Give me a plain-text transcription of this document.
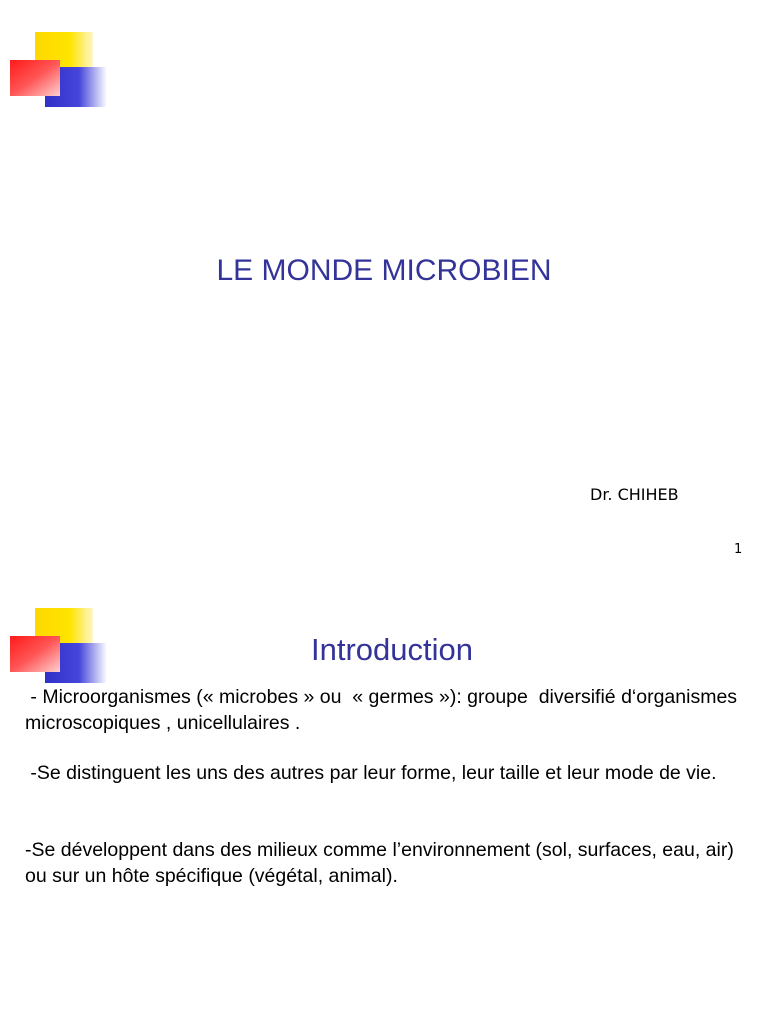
LE MONDE MICROBIEN
Dr. CHIHEB
1
Introduction
- Microorganismes (« microbes » ou  « germes »): groupe  diversifié d‘organismes microscopiques , unicellulaires .
-Se distinguent les uns des autres par leur forme, leur taille et leur mode de vie.
-Se développent dans des milieux comme l’environnement (sol, surfaces, eau, air) ou sur un hôte spécifique (végétal, animal).
